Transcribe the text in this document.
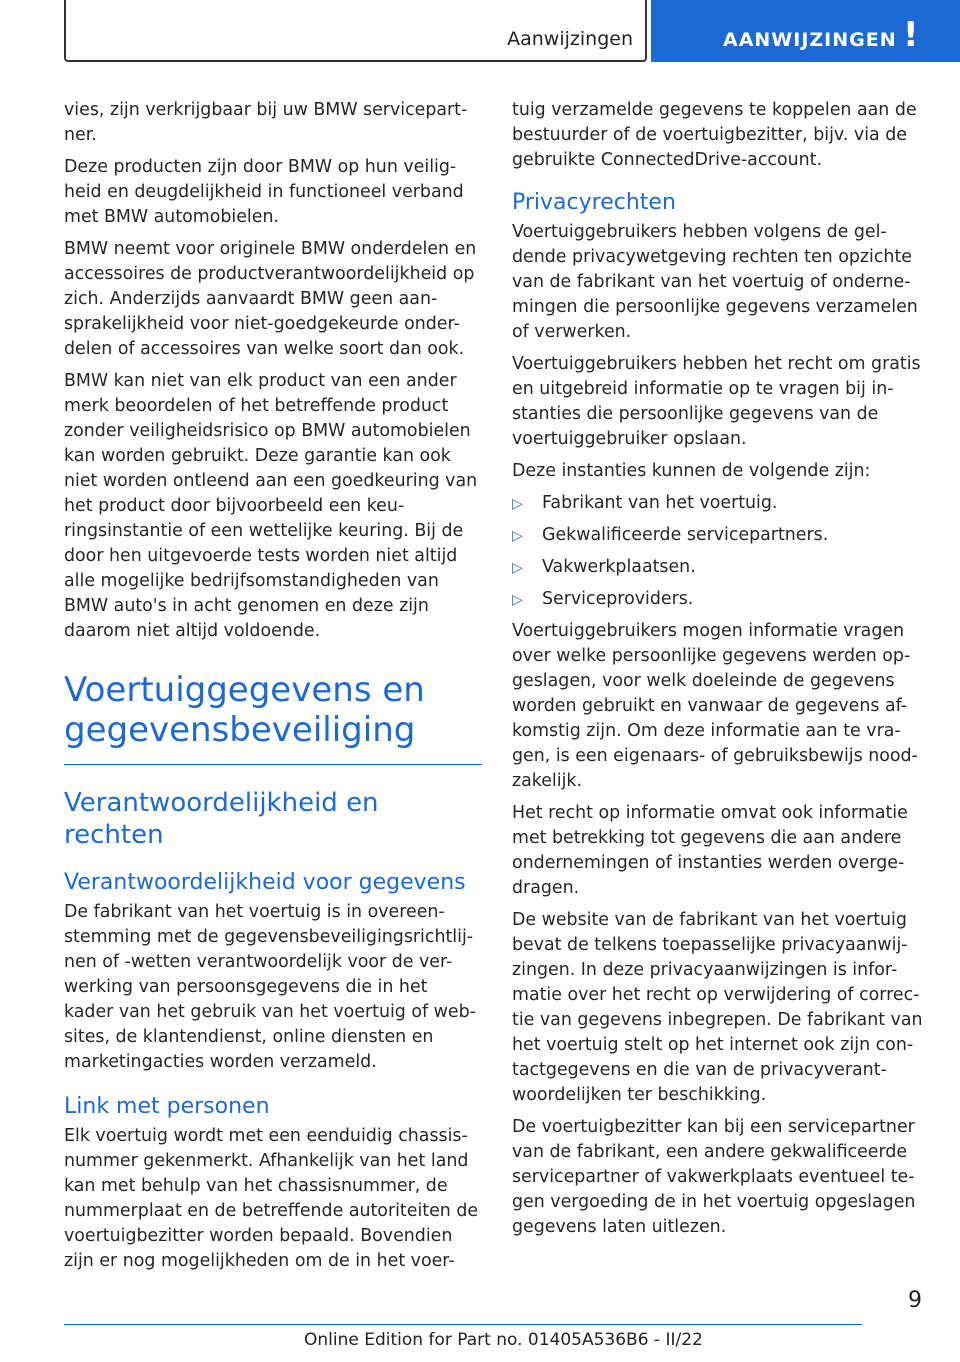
Aanwijzingen	AANWIJZINGEN !

vies, zijn verkrijgbaar bij uw BMW servicepart-ner.

Deze producten zijn door BMW op hun veilig-heid en deugdelijkheid in functioneel verband met BMW automobielen.

BMW neemt voor originele BMW onderdelen en accessoires de productverantwoordelijkheid op zich. Anderzijds aanvaardt BMW geen aan-sprakelijkheid voor niet-goedgekeurde onder-delen of accessoires van welke soort dan ook.

BMW kan niet van elk product van een ander merk beoordelen of het betreffende product zonder veiligheidsrisico op BMW automobielen kan worden gebruikt. Deze garantie kan ook niet worden ontleend aan een goedkeuring van het product door bijvoorbeeld een keu-ringsinstantie of een wettelijke keuring. Bij de door hen uitgevoerde tests worden niet altijd alle mogelijke bedrijfsomstandigheden van BMW auto's in acht genomen en deze zijn daarom niet altijd voldoende.

Voertuiggegevens en gegevensbeveiliging
Verantwoordelijkheid en rechten
Verantwoordelijkheid voor gegevens

De fabrikant van het voertuig is in overeen-stemming met de gegevensbeveiligingsrichtlij-nen of -wetten verantwoordelijk voor de ver-werking van persoonsgegevens die in het kader van het gebruik van het voertuig of web-sites, de klantendienst, online diensten en marketingacties worden verzameld.

Link met personen

Elk voertuig wordt met een eenduidig chassis-nummer gekenmerkt. Afhankelijk van het land kan met behulp van het chassisnummer, de nummerplaat en de betreffende autoriteiten de voertuigbezitter worden bepaald. Bovendien zijn er nog mogelijkheden om de in het voer-

tuig verzamelde gegevens te koppelen aan de bestuurder of de voertuigbezitter, bijv. via de gebruikte ConnectedDrive-account.

Privacyrechten

Voertuiggebruikers hebben volgens de gel-dende privacywetgeving rechten ten opzichte van de fabrikant van het voertuig of onderne-mingen die persoonlijke gegevens verzamelen of verwerken.

Voertuiggebruikers hebben het recht om gratis en uitgebreid informatie op te vragen bij in-stanties die persoonlijke gegevens van de voertuiggebruiker opslaan.

Deze instanties kunnen de volgende zijn:

▷ Fabrikant van het voertuig.
▷ Gekwalificeerde servicepartners.
▷ Vakwerkplaatsen.
▷ Serviceproviders.

Voertuiggebruikers mogen informatie vragen over welke persoonlijke gegevens werden op-geslagen, voor welk doeleinde de gegevens worden gebruikt en vanwaar de gegevens af-komstig zijn. Om deze informatie aan te vra-gen, is een eigenaars- of gebruiksbewijs nood-zakelijk.

Het recht op informatie omvat ook informatie met betrekking tot gegevens die aan andere ondernemingen of instanties werden overge-dragen.

De website van de fabrikant van het voertuig bevat de telkens toepasselijke privacyaanwij-zingen. In deze privacyaanwijzingen is infor-matie over het recht op verwijdering of correc-tie van gegevens inbegrepen. De fabrikant van het voertuig stelt op het internet ook zijn con-tactgegevens en die van de privacyverant-woordelijken ter beschikking.

De voertuigbezitter kan bij een servicepartner van de fabrikant, een andere gekwalificeerde servicepartner of vakwerkplaats eventueel te-gen vergoeding de in het voertuig opgeslagen gegevens laten uitlezen.

9
Online Edition for Part no. 01405A536B6 - II/22
